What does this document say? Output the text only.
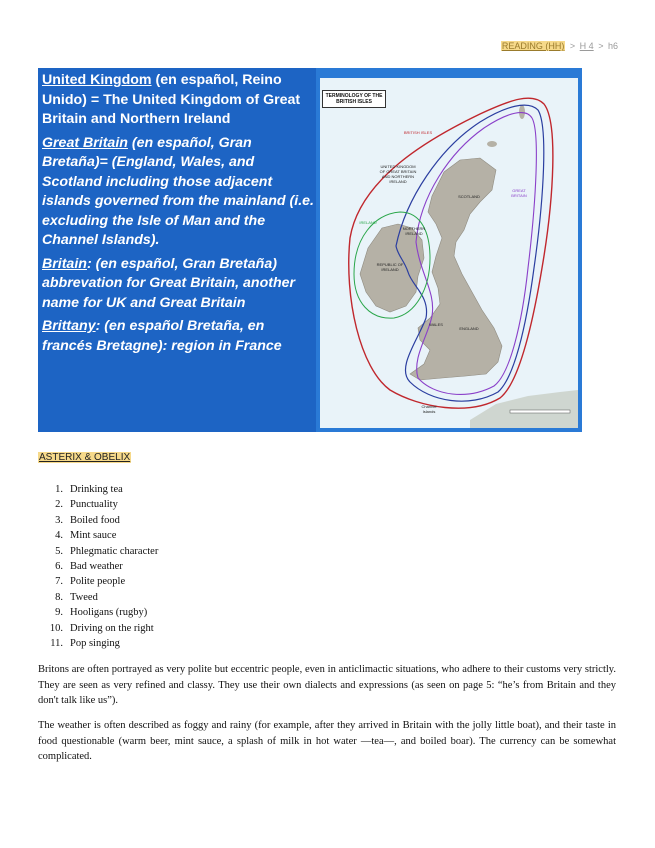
READING (HH) > H 4 > h6

United Kingdom (en español, Reino Unido) = The United Kingdom of Great Britain and Northern Ireland

Great Britain (en español, Gran Bretaña)= (England, Wales, and Scotland including those adjacent islands governed from the mainland (i.e. excluding the Isle of Man and the Channel Islands).

Britain: (en español, Gran Bretaña) abbrevation for Great Britain, another name for UK and Great Britain

Brittany: (en español Bretaña, en francés Bretagne): region in France

TERMINOLOGY OF THE BRITISH ISLES
BRITISH ISLES
UNITED KINGDOM OF GREAT BRITAIN AND NORTHERN IRELAND
GREAT BRITAIN
SCOTLAND
NORTHERN IRELAND
IRELAND
REPUBLIC OF IRELAND
WALES
ENGLAND
Channel Islands
ASTERIX & OBELIX
1. Drinking tea
2. Punctuality
3. Boiled food
4. Mint sauce
5. Phlegmatic character
6. Bad weather
7. Polite people
8. Tweed
9. Hooligans (rugby)
10. Driving on the right
11. Pop singing

Britons are often portrayed as very polite but eccentric people, even in anticlimactic situations, who adhere to their customs very strictly. They are seen as very refined and classy. They use their own dialects and expressions (as seen on page 5: “he’s from Britain and they don't talk like us”).

The weather is often described as foggy and rainy (for example, after they arrived in Britain with the jolly little boat), and their taste in food questionable (warm beer, mint sauce, a splash of milk in hot water —tea—, and boiled boar). The currency can be somewhat complicated.
